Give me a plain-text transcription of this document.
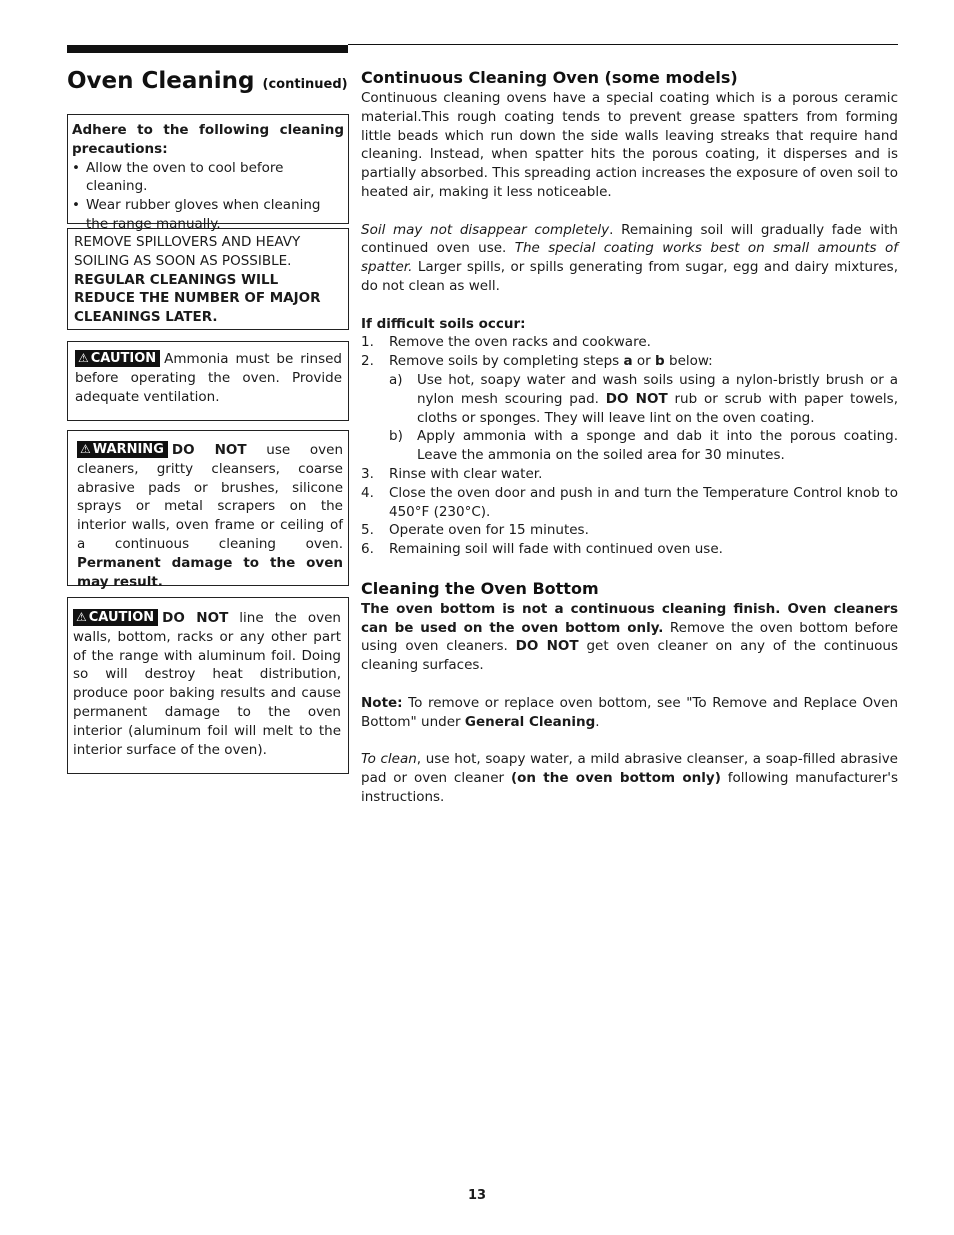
Oven Cleaning (continued)

Adhere to the following cleaning precautions:

• Allow the oven to cool before cleaning.
• Wear rubber gloves when cleaning the range manually.

REMOVE SPILLOVERS AND HEAVY SOILING AS SOON AS POSSIBLE.

REGULAR CLEANINGS WILL REDUCE THE NUMBER OF MAJOR CLEANINGS LATER.

⚠ CAUTION Ammonia must be rinsed before operating the oven. Provide adequate ventilation.

⚠ WARNING DO NOT use oven cleaners, gritty cleansers, coarse abrasive pads or brushes, silicone sprays or metal scrapers on the interior walls, oven frame or ceiling of a continuous cleaning oven. Permanent damage to the oven may result.

⚠ CAUTION DO NOT line the oven walls, bottom, racks or any other part of the range with aluminum foil. Doing so will destroy heat distribution, produce poor baking results and cause permanent damage to the oven interior (aluminum foil will melt to the interior surface of the oven).

Continuous Cleaning Oven (some models)

Continuous cleaning ovens have a special coating which is a porous ceramic material.This rough coating tends to prevent grease spatters from forming little beads which run down the side walls leaving streaks that require hand cleaning. Instead, when spatter hits the porous coating, it disperses and is partially absorbed. This spreading action increases the exposure of oven soil to heated air, making it less noticeable.

Soil may not disappear completely. Remaining soil will gradually fade with continued oven use. The special coating works best on small amounts of spatter. Larger spills, or spills generating from sugar, egg and dairy mixtures, do not clean as well.

If difficult soils occur:

1. Remove the oven racks and cookware.
2. Remove soils by completing steps a or b below:
a) Use hot, soapy water and wash soils using a nylon-bristly brush or a nylon mesh scouring pad. DO NOT rub or scrub with paper towels, cloths or sponges. They will leave lint on the oven coating.
b) Apply ammonia with a sponge and dab it into the porous coating. Leave the ammonia on the soiled area for 30 minutes.
3. Rinse with clear water.
4. Close the oven door and push in and turn the Temperature Control knob to 450°F (230°C).
5. Operate oven for 15 minutes.
6. Remaining soil will fade with continued oven use.
Cleaning the Oven Bottom

The oven bottom is not a continuous cleaning finish. Oven cleaners can be used on the oven bottom only. Remove the oven bottom before using oven cleaners. DO NOT get oven cleaner on any of the continuous cleaning surfaces.

Note: To remove or replace oven bottom, see "To Remove and Replace Oven Bottom" under General Cleaning.

To clean, use hot, soapy water, a mild abrasive cleanser, a soap-filled abrasive pad or oven cleaner (on the oven bottom only) following manufacturer's instructions.

13
